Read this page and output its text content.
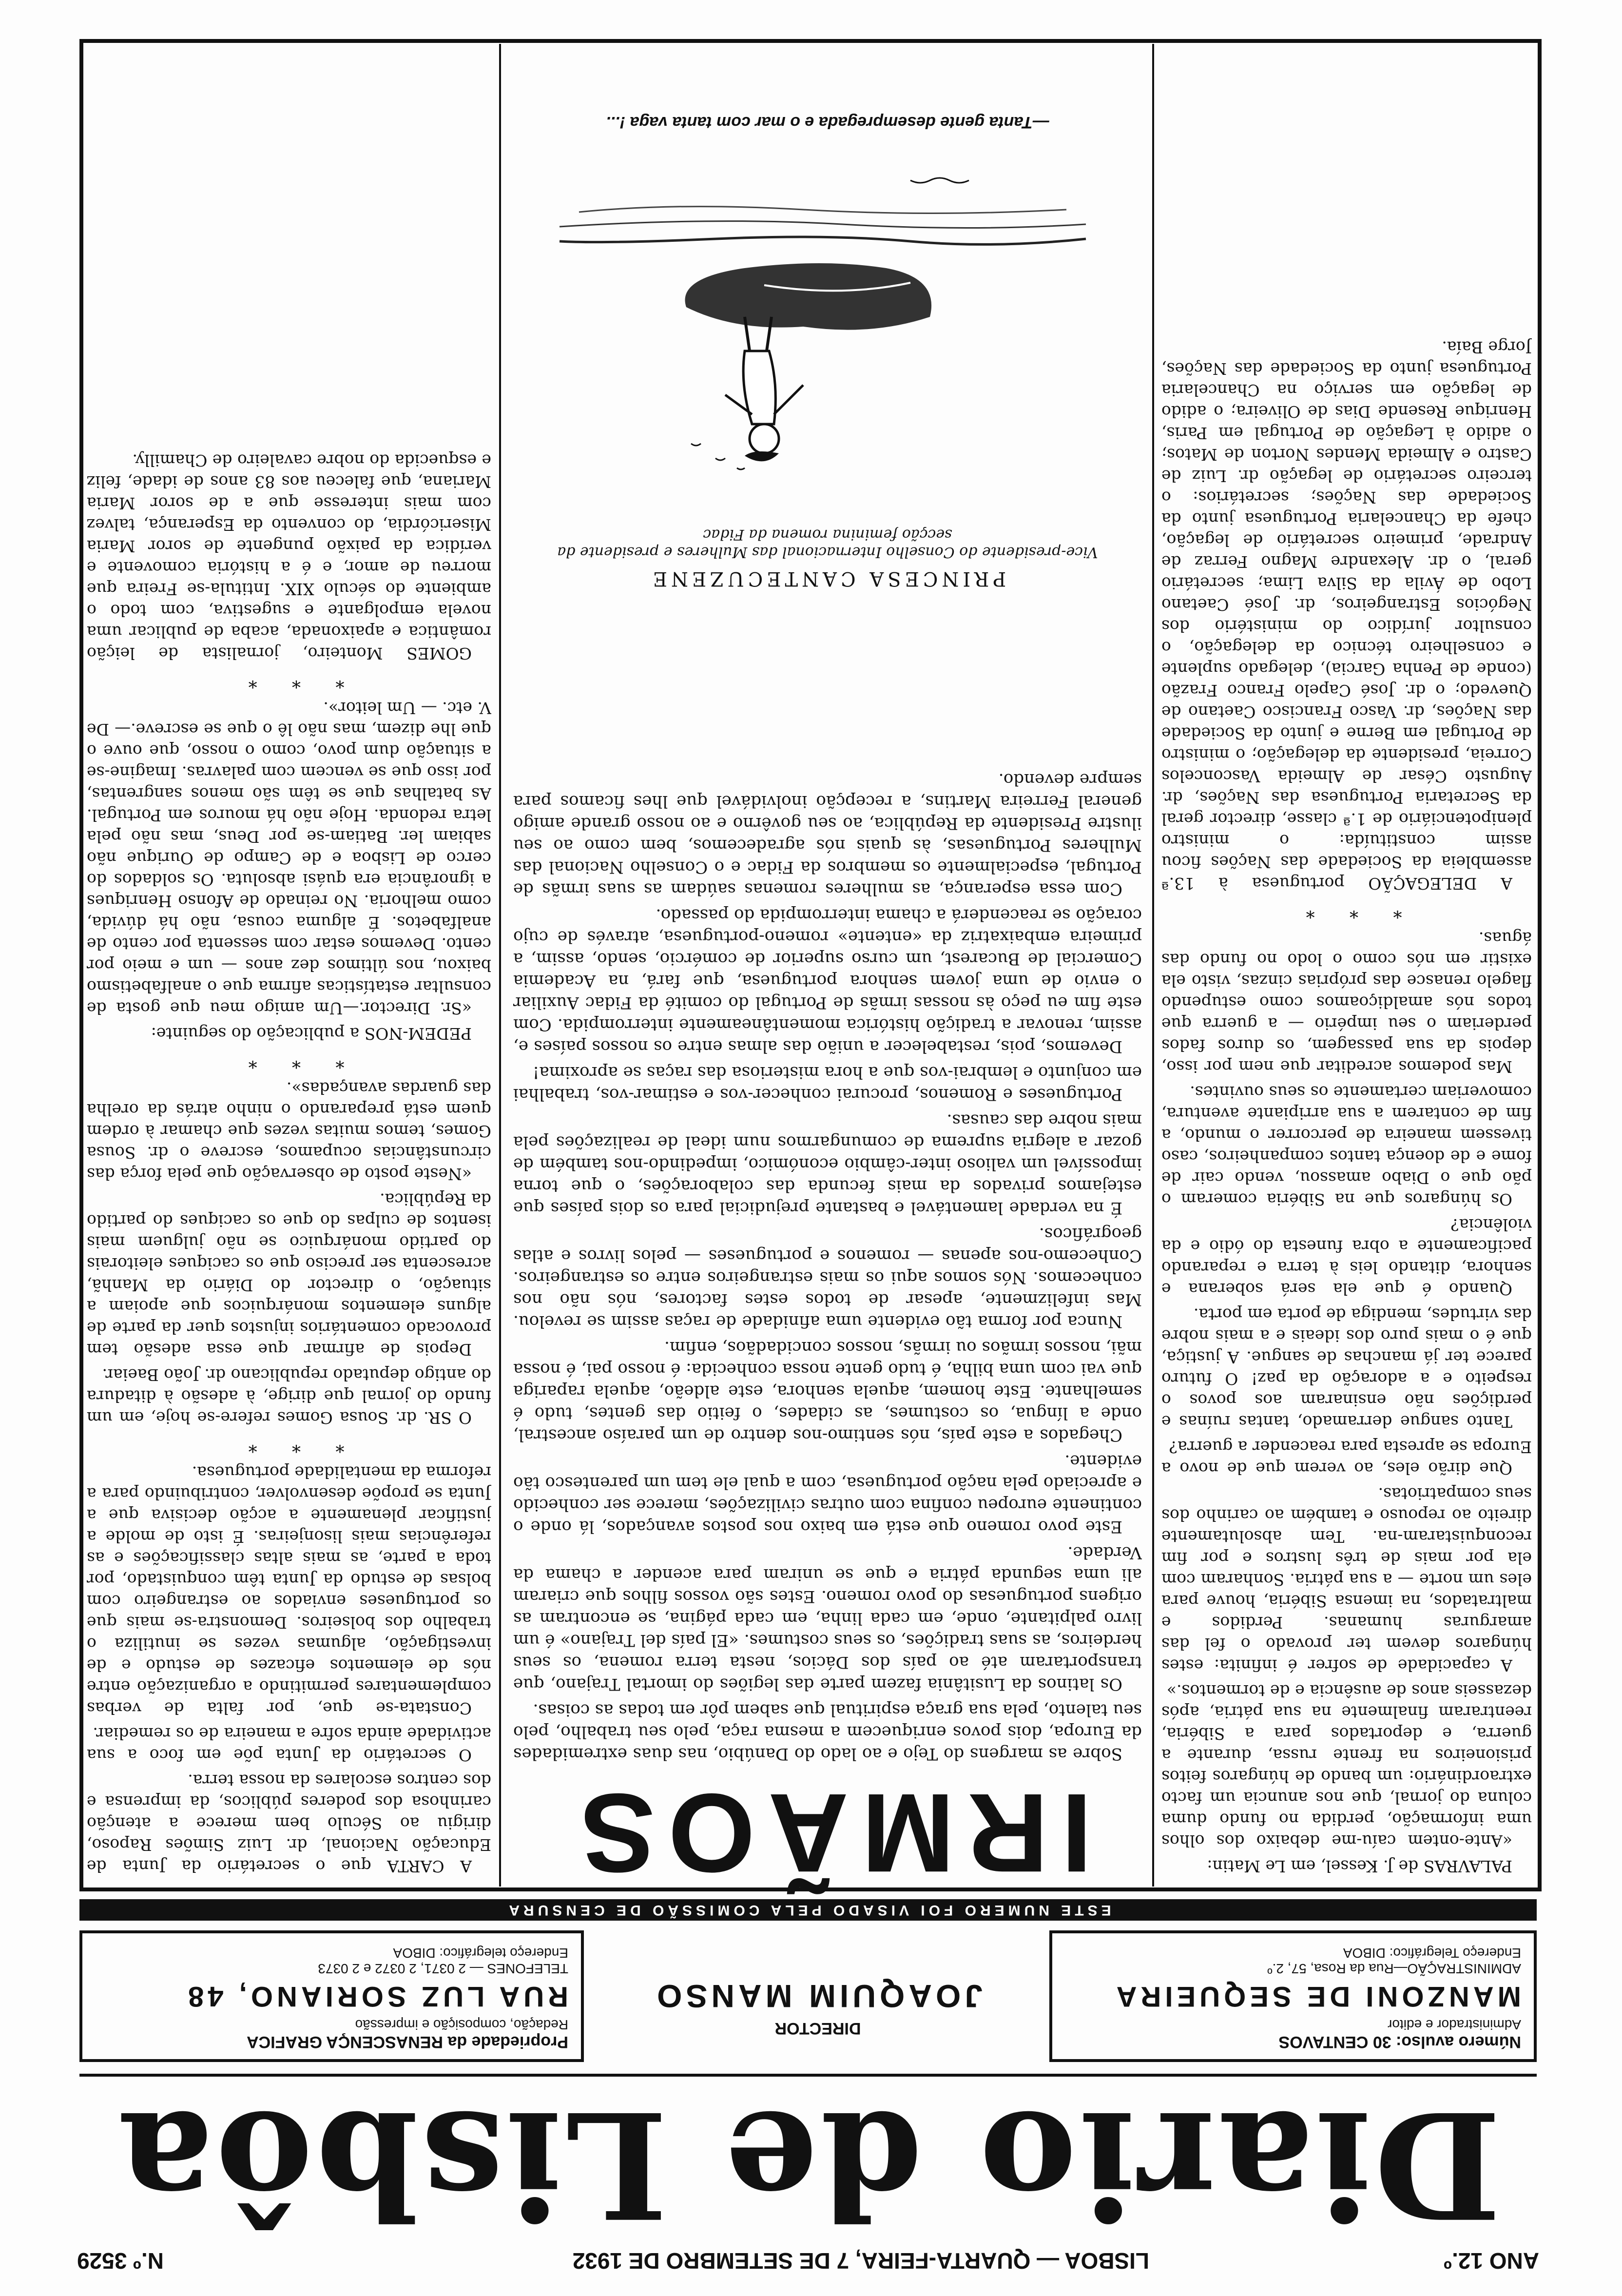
ANO 12.º
LISBOA — QUARTA-FEIRA, 7 DE SETEMBRO DE 1932
N.º 3529
Diario de Lisbôa
Número avulso: 30 CENTAVOS
Administrador e editor
MANZONI DE SEQUEIRA
ADMINISTRAÇÃO—Rua da Rosa, 57, 2.º
Endereço Telegráfico: DIBOA
DIRECTOR
JOAQUIM MANSO
Propriedade da RENASCENÇA GRAFICA
Redação, composição e impressão
RUA LUZ SORIANO, 48
TELEFONES — 2 0371, 2 0372 e 2 0373
Endereço telegráfico: DIBOA
ESTE NUMERO FOI VISADO PELA COMISSÃO DE CENSURA

PALAVRAS de J. Kessel, em Le Matin:

«Ante-ontem caíu-me debaixo dos olhos uma informação, perdida no fundo duma coluna do jornal, que nos anuncia um facto extraordinário: um bando de húngaros feitos prisioneiros na frente russa, durante a guerra, e deportados para a Sibéria, reentraram finalmente na sua pátria, após dezasseis anos de ausência e de tormentos.»

A capacidade de sofrer é infinita: estes húngaros devem ter provado o fel das amarguras humanas. Perdidos e maltratados, na imensa Sibéria, houve para eles um norte — a sua pátria. Sonharam com ela por mais de três lustros e por fim reconquistaram-na. Tem absolutamente direito ao repouso e também ao carinho dos seus compatriotas.

Que dirão eles, ao verem que de novo a Europa se apresta para reacender a guerra?

Tanto sangue derramado, tantas ruínas e perdições não ensinaram aos povos o respeito e a adoração da paz! O futuro parece ter já manchas de sangue. A justiça, que é o mais puro dos ideais e a mais nobre das virtudes, mendiga de porta em porta.

Quando é que ela será soberana e senhora, ditando leis à terra e reparando pacificamente a obra funesta do ódio e da violência?

Os húngaros que na Sibéria comeram o pão que o Diabo amassou, vendo cair de fome e de doença tantos companheiros, caso tivessem maneira de percorrer o mundo, a fim de contarem a sua arripiante aventura, comoveriam certamente os seus ouvintes.

Mas podemos acreditar que nem por isso, depois da sua passagem, os duros fados perderiam o seu império — a guerra que todos nós amaldiçoamos como estupendo flagelo renasce das próprias cinzas, visto ela existir em nós como o lodo no fundo das águas.

* * *

A DELEGAÇÃO portuguesa à 13.ª assembleia da Sociedade das Nações ficou assim constituída: o ministro plenipotenciário de 1.ª classe, director geral da Secretaria Portuguesa das Nações, dr. Augusto César de Almeida Vasconcelos Correia, presidente da delegação; o ministro de Portugal em Berne e junto da Sociedade das Nações, dr. Vasco Francisco Caetano de Quevedo; o dr. José Capelo Franco Frazão (conde de Penha Garcia), delegado suplente e conselheiro técnico da delegação, o consultor jurídico do ministério dos Negócios Estrangeiros, dr. José Caetano Lobo de Ávila da Silva Lima; secretário geral, o dr. Alexandre Magno Ferraz de Andrade, primeiro secretário de legação, chefe da Chancelaria Portuguesa junto da Sociedade das Nações; secretários: o terceiro secretário de legação dr. Luiz de Castro e Almeida Mendes Norton de Matos; o adido à Legação de Portugal em Paris, Henrique Resende Dias de Oliveira; o adido de legação em serviço na Chancelaria Portuguesa junto da Sociedade das Nações, Jorge Baía.

IRMÃOS

Sobre as margens do Tejo e ao lado do Danúbio, nas duas extremidades da Europa, dois povos enriquecem a mesma raça, pelo seu trabalho, pelo seu talento, pela sua graça espiritual que sabem pôr em todas as coisas.

Os latinos da Lusitânia fazem parte das legiões do imortal Trajano, que transportaram até ao país dos Dácios, nesta terra romena, os seus herdeiros, as suas tradições, os seus costumes. «El país del Trajano» é um livro palpitante, onde, em cada linha, em cada página, se encontram as origens portuguesas do povo romeno. Estes são vossos filhos que criaram ali uma segunda pátria e que se uniram para acender a chama da Verdade.

Este povo romeno que está em baixo nos postos avançados, lá onde o continente europeu confina com outras civilizações, merece ser conhecido e apreciado pela nação portuguesa, com a qual ele tem um parentesco tão evidente.

Chegados a este país, nós sentimo-nos dentro de um paraíso ancestral, onde a língua, os costumes, as cidades, o feitio das gentes, tudo é semelhante. Este homem, aquela senhora, este aldeão, aquela rapariga que vai com uma bilha, é tudo gente nossa conhecida: é nosso pai, é nossa mãi, nossos irmãos ou irmãs, nossos concidadãos, enfim.

Nunca por forma tão evidente uma afinidade de raças assim se revelou. Mas infelizmente, apesar de todos estes factores, nós não nos conhecemos. Nós somos aqui os mais estrangeiros entre os estrangeiros. Conhecemo-nos apenas — romenos e portugueses — pelos livros e atlas geográficos.

É na verdade lamentável e bastante prejudicial para os dois países que estejamos privados da mais fecunda das colaborações, o que torna impossível um valioso inter-câmbio económico, impedindo-nos também de gozar a alegria suprema de comungarmos num ideal de realizações pela mais nobre das causas.

Portugueses e Romenos, procurai conhecer-vos e estimar-vos, trabalhai em conjunto e lembrai-vos que a hora misteriosa das raças se aproxima!

Devemos, pois, restabelecer a união das almas entre os nossos países e, assim, renovar a tradição histórica momentâneamente interrompida. Com este fim eu peço às nossas irmãs de Portugal do comité da Fidac Auxiliar o envio de uma jovem senhora portuguesa, que fará, na Academia Comercial de Bucarest, um curso superior de comércio, sendo, assim, a primeira embaixatriz da «entente» romeno-portuguesa, através de cujo coração se reacenderá a chama interrompida do passado.

Com essa esperança, as mulheres romenas saúdam as suas irmãs de Portugal, especialmente os membros da Fidac e o Conselho Nacional das Mulheres Portuguesas, às quais nós agradecemos, bem como ao seu ilustre Presidente da República, ao seu govêrno e ao nosso grande amigo general Ferreira Martins, a recepção inolvidável que lhes ficamos para sempre devendo.

PRINCESA CANTECUZENE
Vice-presidente do Conselho Internacional das Mulheres e presidente da secção feminina romena da Fidac
—Tanta gente desempregada e o mar com tanta vaga !...

A CARTA que o secretário da Junta de Educação Nacional, dr. Luiz Simões Raposo, dirigiu ao Século bem merece a atenção carinhosa dos poderes públicos, da imprensa e dos centros escolares da nossa terra.

O secretário da Junta põe em foco a sua actividade ainda sofre a maneira de os remediar.

Constata-se que, por falta de verbas complementares permitindo a organização entre nós de elementos eficazes de estudo e de investigação, algumas vezes se inutiliza o trabalho dos bolseiros. Demonstra-se mais que os portugueses enviados ao estrangeiro com bolsas de estudo da Junta têm conquistado, por toda a parte, as mais altas classificações e as referências mais lisonjeiras. É isto de molde a justificar plenamente a acção decisiva que a Junta se propõe desenvolver, contribuindo para a reforma da mentalidade portuguesa.

* * *

O SR. dr. Sousa Gomes refere-se hoje, em um fundo do jornal que dirige, à adesão à ditadura do antigo deputado republicano dr. João Baeiar.

Depois de afirmar que essa adesão tem provocado comentários injustos quer da parte de alguns elementos monárquicos que apoiam a situação, o director do Diário da Manhã, acrescenta ser preciso que os caciques eleitorais do partido monárquico se não julguem mais isentos de culpas do que os caciques do partido da República.

«Neste posto de observação que pela força das circunstâncias ocupamos, escreve o dr. Sousa Gomes, temos muitas vezes que chamar à ordem quem está preparando o ninho atrás da orelha das guardas avançadas».

* * *

PEDEM-NOS a publicação do seguinte:

«Sr. Director.—Um amigo meu que gosta de consultar estatísticas afirma que o analfabetismo baixou, nos últimos dez anos — um e meio por cento. Devemos estar com sessenta por cento de analfabetos. É alguma cousa, não há dúvida, como melhoria. No reinado de Afonso Henriques a ignorância era quási absoluta. Os soldados do cerco de Lisboa e de Campo de Ourique não sabiam ler. Batiam-se por Deus, mas não pela letra redonda. Hoje não há mouros em Portugal. As batalhas que se têm são menos sangrentas, por isso que se vencem com palavras. Imagine-se a situação dum povo, como o nosso, que ouve o que lhe dizem, mas não lê o que se escreve.— De V. etc. — Um leitor».

* * *

GOMES Monteiro, jornalista de leição romântica e apaixonada, acaba de publicar uma novela empolgante e sugestiva, com todo o ambiente do século XIX. Intitula-se Freira que morreu de amor, e é a história comovente e verídica da paixão pungente de soror Maria Misericórdia, do convento da Esperança, talvez com mais interesse que a de soror Maria Mariana, que faleceu aos 83 anos de idade, feliz e esquecida do nobre cavaleiro de Chamilly.
